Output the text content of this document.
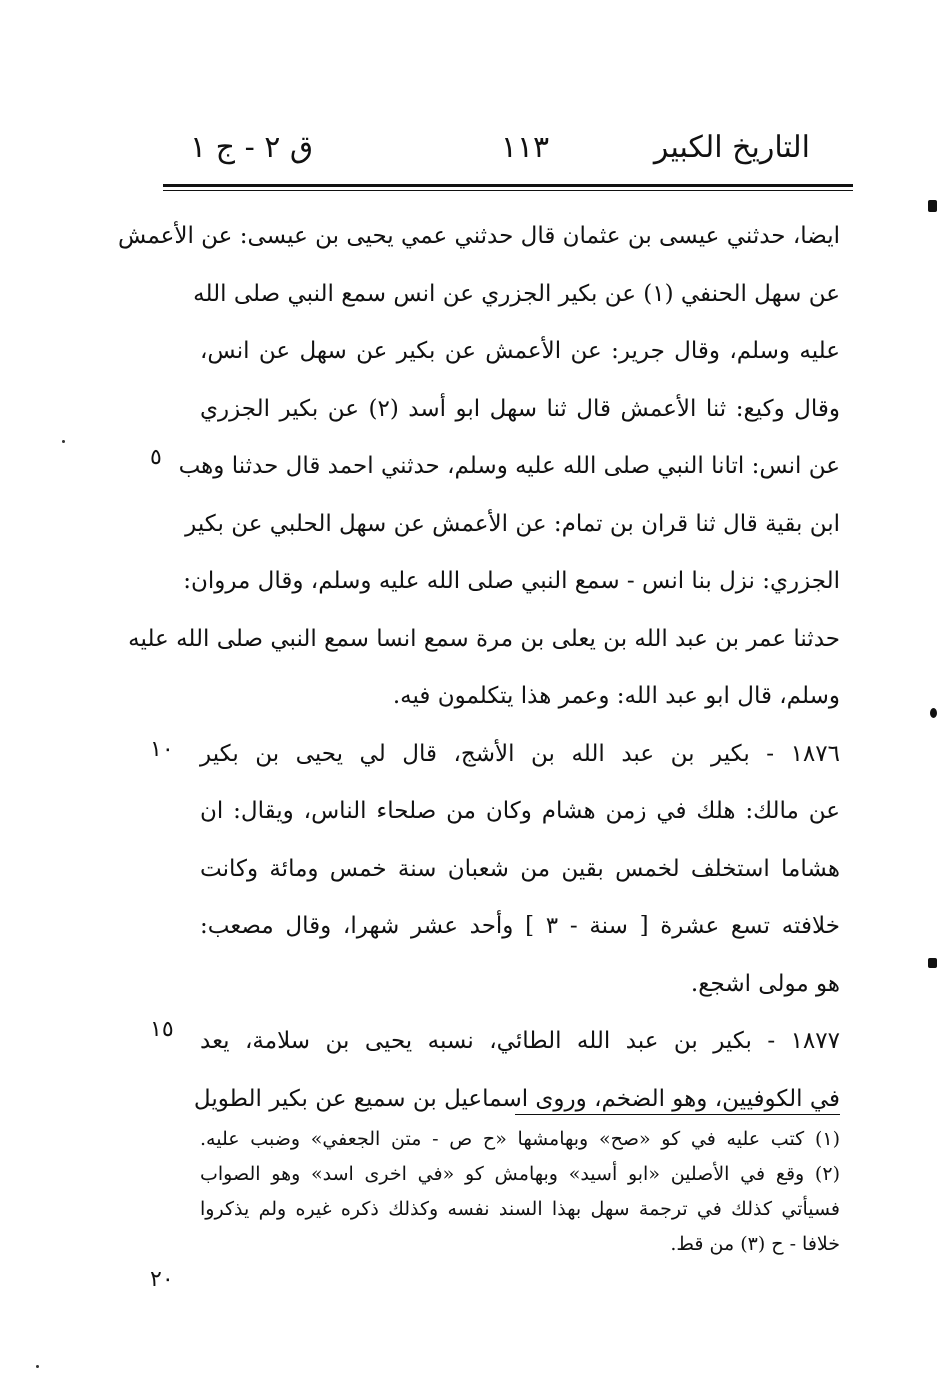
التاريخ الكبير
١١٣
ق ٢ - ج ١
ايضا، حدثني عيسى بن عثمان قال حدثني عمي يحيى بن عيسى: عن الأعمش
عن سهل الحنفي (١) عن بكير الجزري عن انس سمع النبي صلى الله
عليه وسلم، وقال جرير: عن الأعمش عن بكير عن سهل عن انس،
وقال وكيع: ثنا الأعمش قال ثنا سهل ابو أسد (٢) عن بكير الجزري
عن انس: اتانا النبي صلى الله عليه وسلم، حدثني احمد قال حدثنا وهب
ابن بقية قال ثنا قران بن تمام: عن الأعمش عن سهل الحلبي عن بكير
الجزري: نزل بنا انس - سمع النبي صلى الله عليه وسلم، وقال مروان:
حدثنا عمر بن عبد الله بن يعلى بن مرة سمع انسا سمع النبي صلى الله عليه
وسلم، قال ابو عبد الله: وعمر هذا يتكلمون فيه.
١٨٧٦ - بكير بن عبد الله بن الأشج، قال لي يحيى بن بكير
عن مالك: هلك في زمن هشام وكان من صلحاء الناس، ويقال: ان
هشاما استخلف لخمس بقين من شعبان سنة خمس ومائة وكانت
خلافته تسع عشرة [ سنة - ٣ ] وأحد عشر شهرا، وقال مصعب:
هو مولى اشجع.
١٨٧٧ - بكير بن عبد الله الطائي، نسبه يحيى بن سلامة، يعد
في الكوفيين، وهو الضخم، وروى اسماعيل بن سميع عن بكير الطويل
(١) كتب عليه في كو «صح» وبهامشها «ح ص - متن الجعفي» وضبب عليه.
(٢) وقع في الأصلين «ابو أسيد» وبهامش كو «في اخرى اسد» وهو الصواب
فسيأتي كذلك في ترجمة سهل بهذا السند نفسه وكذلك ذكره غيره ولم يذكروا
خلافا - ح (٣) من قط.
٥
١٠
١٥
٢٠
